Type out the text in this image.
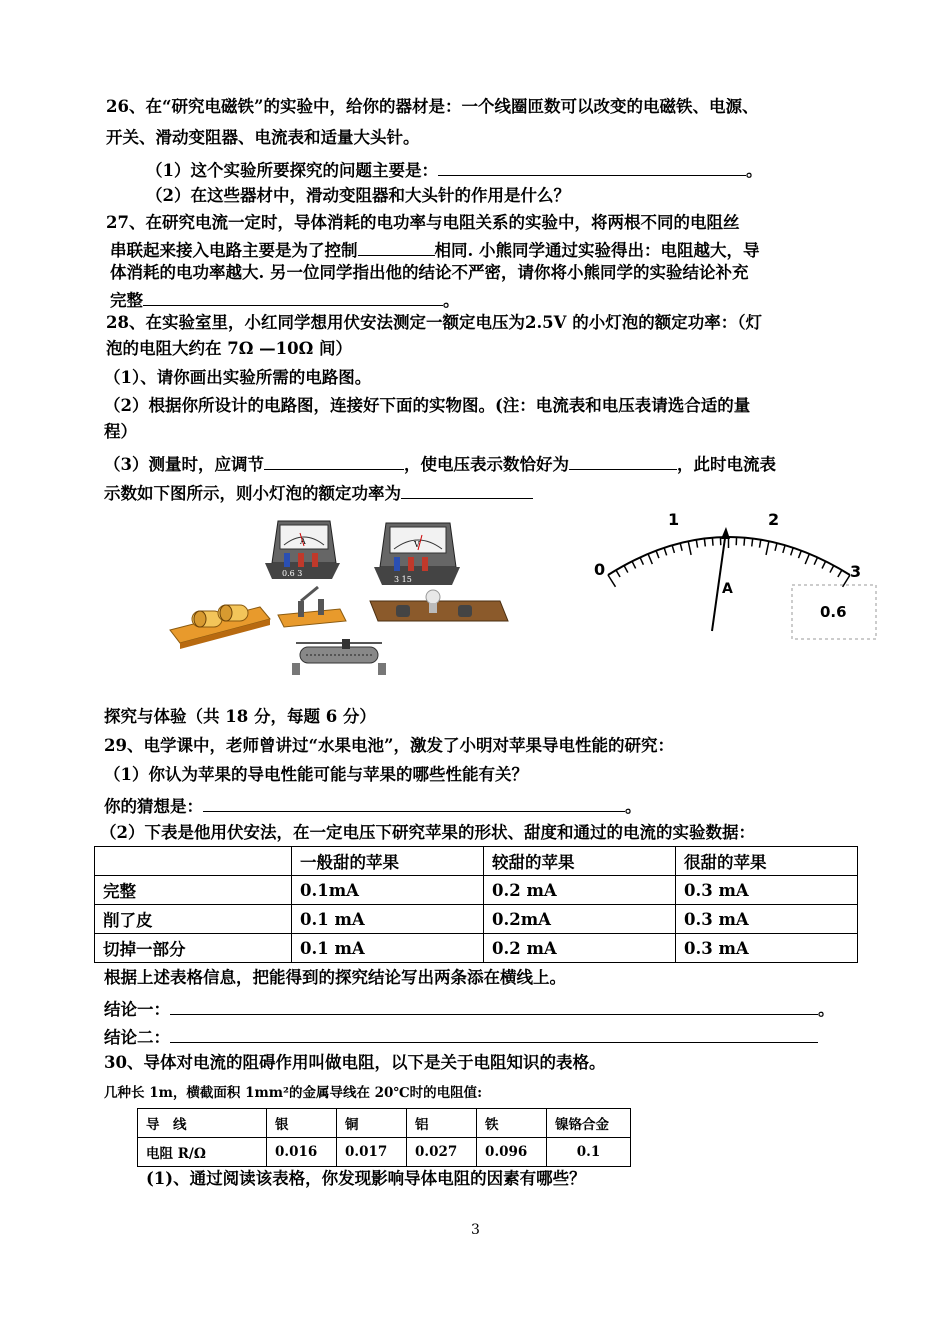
26、在“研究电磁铁”的实验中，给你的器材是：一个线圈匝数可以改变的电磁铁、电源、
开关、滑动变阻器、电流表和适量大头针。
（1）这个实验所要探究的问题主要是：	。
（2）在这些器材中，滑动变阻器和大头针的作用是什么？
27、在研究电流一定时，导体消耗的电功率与电阻关系的实验中，将两根不同的电阻丝
串联起来接入电路主要是为了控制	相同. 小熊同学通过实验得出：电阻越大，导
体消耗的电功率越大. 另一位同学指出他的结论不严密，请你将小熊同学的实验结论补充
完整	。
28、在实验室里，小红同学想用伏安法测定一额定电压为2.5V 的小灯泡的额定功率：（灯
泡的电阻大约在 7Ω —10Ω 间）
（1）、请你画出实验所需的电路图。
（2）根据你所设计的电路图，连接好下面的实物图。(注：电流表和电压表请选合适的量
程）
（3）测量时，应调节	，使电压表示数恰好为	，此时电流表
示数如下图所示，则小灯泡的额定功率为
A
0.6 3
V
3 15
0
1	2
3
A
0.6
探究与体验（共 18 分，每题 6 分）
29、电学课中，老师曾讲过“水果电池”，激发了小明对苹果导电性能的研究：
（1）你认为苹果的导电性能可能与苹果的哪些性能有关？
你的猜想是：	。
（2）下表是他用伏安法，在一定电压下研究苹果的形状、甜度和通过的电流的实验数据：
	一般甜的苹果	较甜的苹果	很甜的苹果
完整	0.1mA	0.2 mA	0.3 mA
削了皮	0.1 mA	0.2mA	0.3 mA
切掉一部分	0.1 mA	0.2 mA	0.3 mA
根据上述表格信息，把能得到的探究结论写出两条添在横线上。
结论一：	。
结论二：
30、导体对电流的阻碍作用叫做电阻，以下是关于电阻知识的表格。
几种长 1m，横截面积 1mm²的金属导线在 20℃时的电阻值:
导　线	银	铜	铝	铁	镍铬合金
电阻 R/Ω	0.016	0.017	0.027	0.096	0.1
(1)、通过阅读该表格，你发现影响导体电阻的因素有哪些？
3
